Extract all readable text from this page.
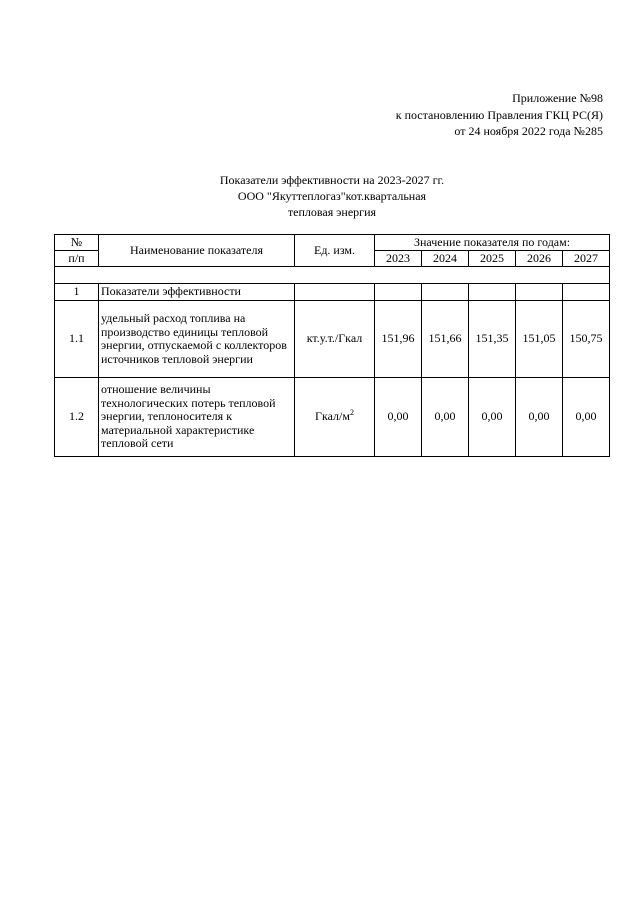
Приложение №98
к постановлению Правления ГКЦ РС(Я)
от 24 ноября 2022 года №285
Показатели эффективности на 2023-2027 гг.
ООО "Якуттеплогаз"кот.квартальная
тепловая энергия
№	Наименование показателя	Ед. изм.	Значение показателя по годам:				
п/п			2023	2024	2025	2026	2027

1	Показатели эффективности						
1.1	удельный расход топлива на производство единицы тепловой энергии, отпускаемой с коллекторов источников тепловой энергии	кт.у.т./Гкал	151,96	151,66	151,35	151,05	150,75
1.2	отношение величины технологических потерь тепловой энергии, теплоносителя к материальной характеристике тепловой сети	Гкал/$м^2$	0,00	0,00	0,00	0,00	0,00
